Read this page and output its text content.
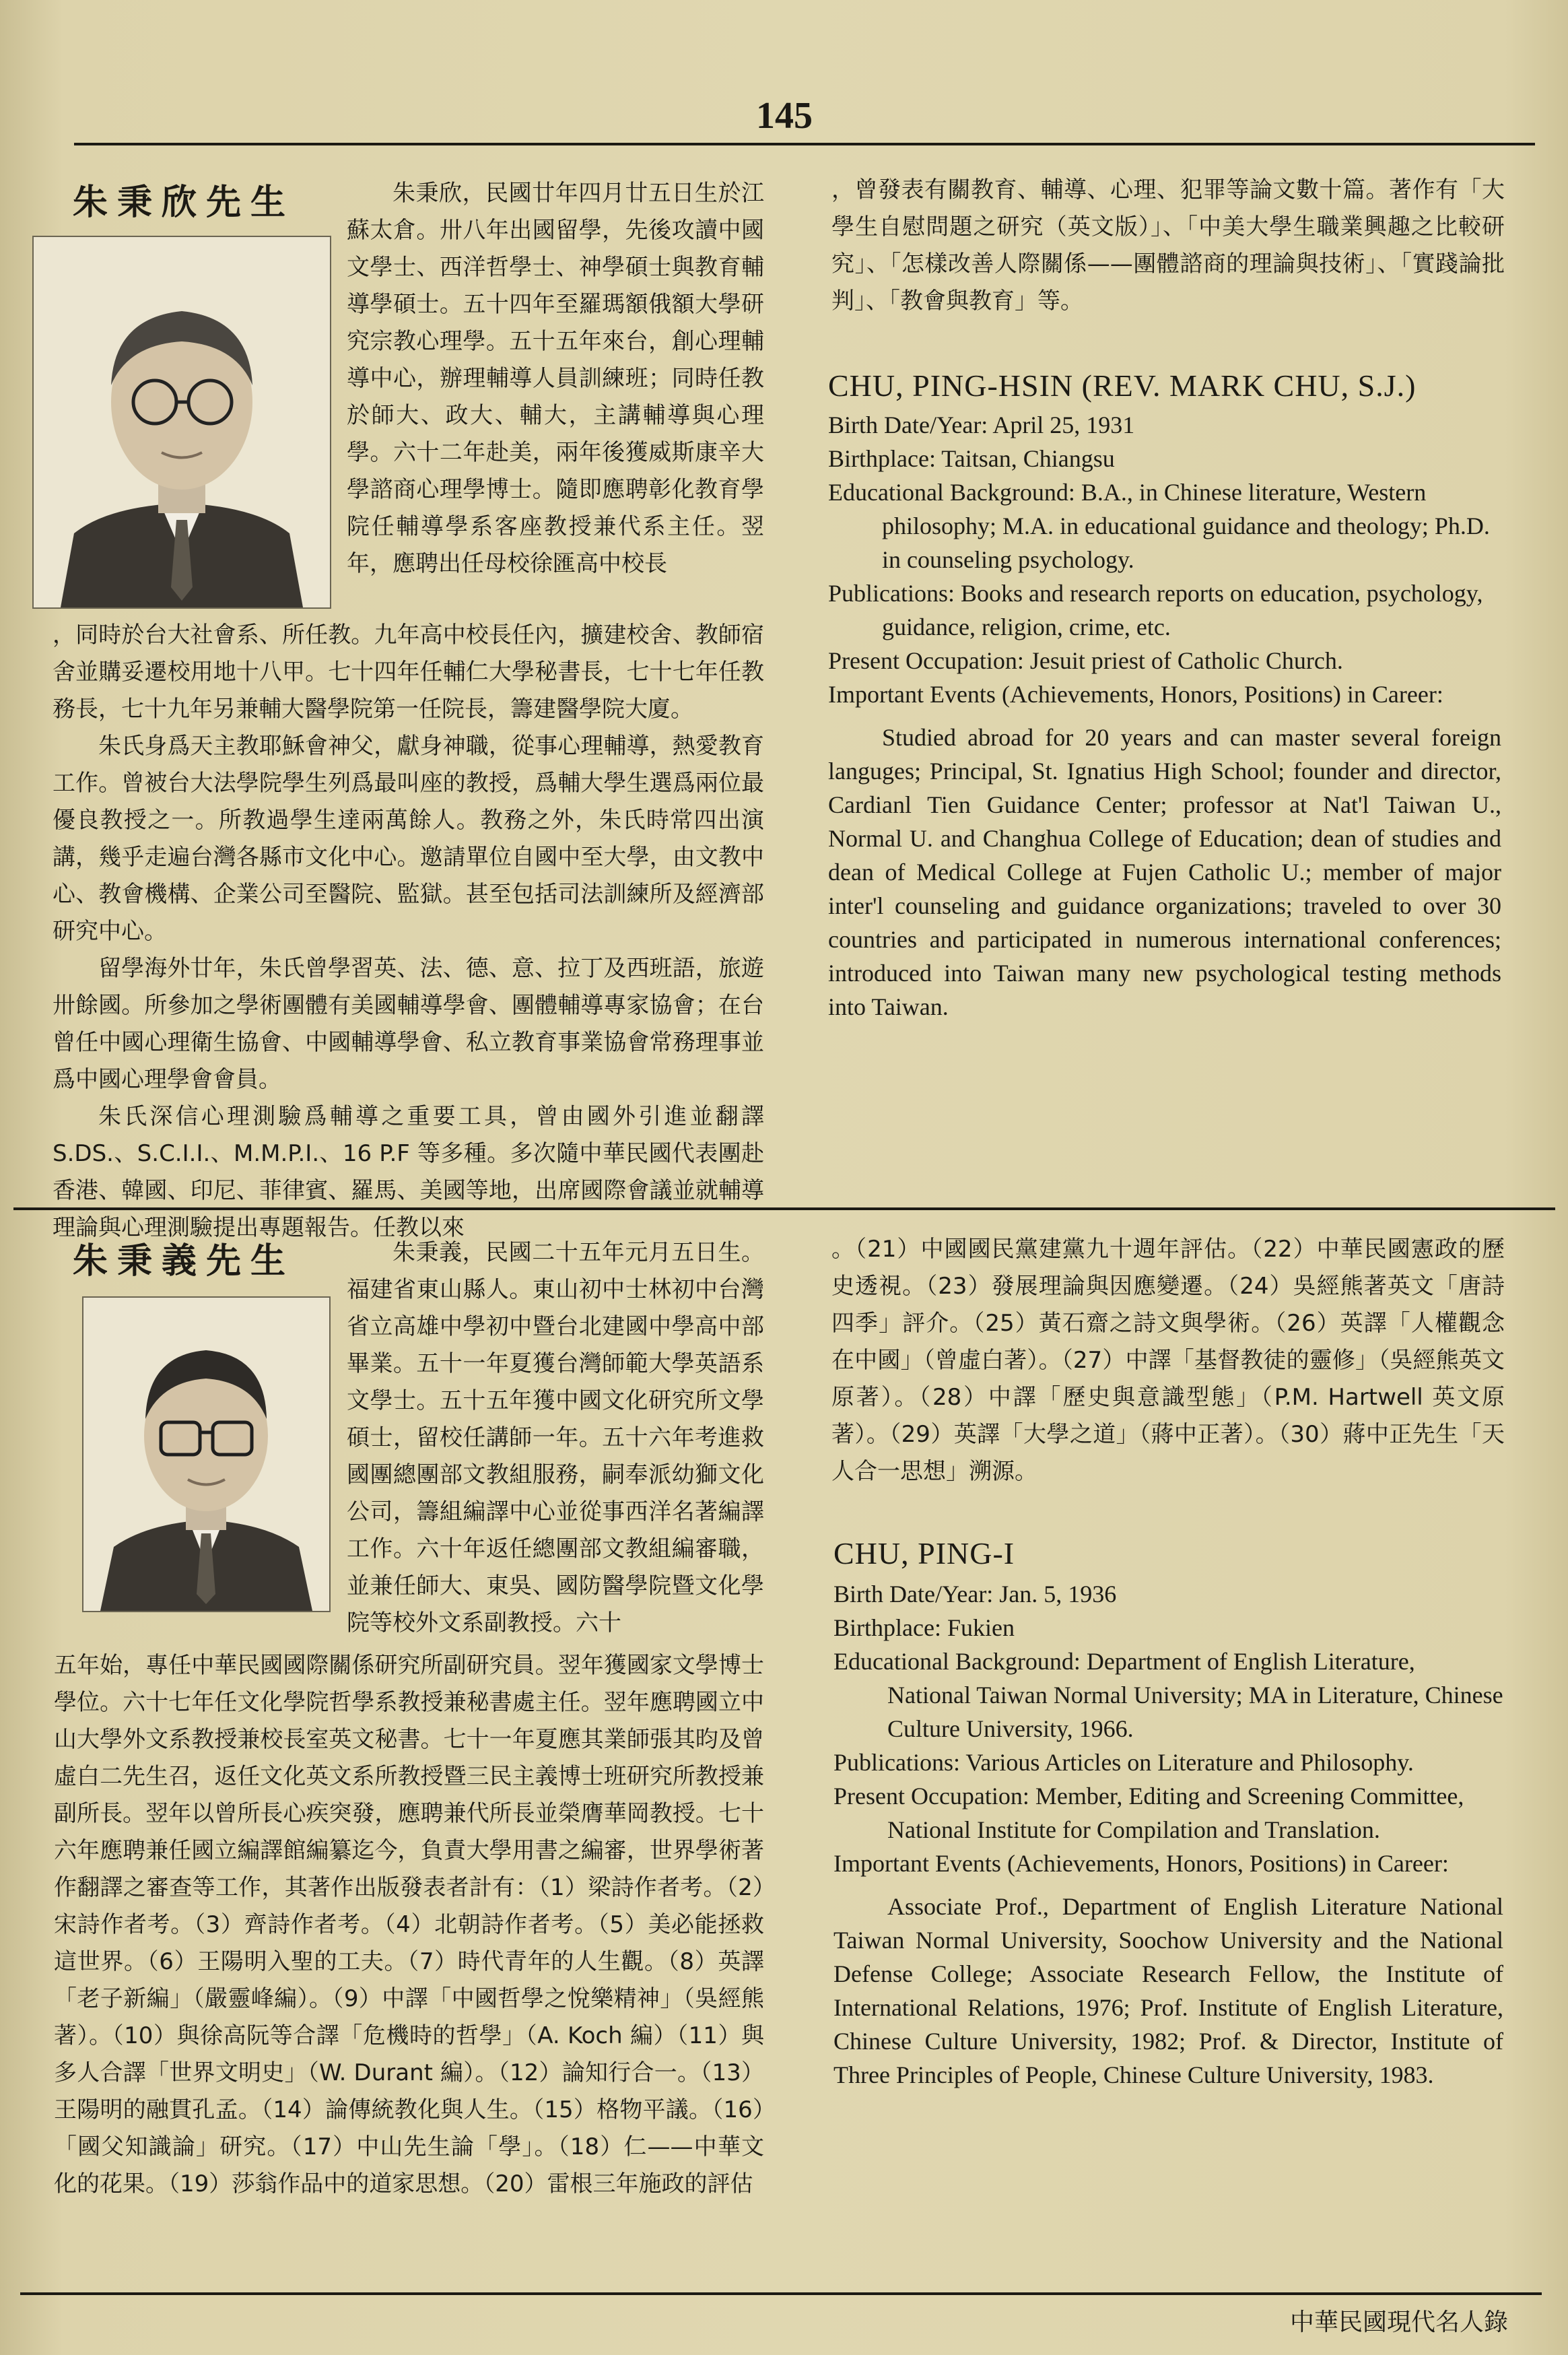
145
朱秉欣先生	朱秉欣，民國廿年四月廿五日生於江蘇太倉。卅八年出國留學，先後攻讀中國文學士、西洋哲學士、神學碩士與教育輔導學碩士。五十四年至羅瑪額俄額大學研究宗教心理學。五十五年來台，創心理輔導中心，辦理輔導人員訓練班；同時任教於師大、政大、輔大，主講輔導與心理學。六十二年赴美，兩年後獲威斯康辛大學諮商心理學博士。隨即應聘彰化教育學院任輔導學系客座教授兼代系主任。翌年，應聘出任母校徐匯高中校長

，同時於台大社會系、所任教。九年高中校長任內，擴建校舍、教師宿舍並購妥遷校用地十八甲。七十四年任輔仁大學秘書長，七十七年任教務長，七十九年另兼輔大醫學院第一任院長，籌建醫學院大廈。

朱氏身爲天主教耶穌會神父，獻身神職，從事心理輔導，熱愛教育工作。曾被台大法學院學生列爲最叫座的教授，爲輔大學生選爲兩位最優良教授之一。所教過學生達兩萬餘人。教務之外，朱氏時常四出演講，幾乎走遍台灣各縣市文化中心。邀請單位自國中至大學，由文教中心、教會機構、企業公司至醫院、監獄。甚至包括司法訓練所及經濟部研究中心。

留學海外廿年，朱氏曾學習英、法、德、意、拉丁及西班語，旅遊卅餘國。所參加之學術團體有美國輔導學會、團體輔導專家協會；在台曾任中國心理衛生協會、中國輔導學會、私立教育事業協會常務理事並爲中國心理學會會員。

朱氏深信心理測驗爲輔導之重要工具，曾由國外引進並翻譯 S.DS.、S.C.I.I.、M.M.P.I.、16 P.F 等多種。多次隨中華民國代表團赴香港、韓國、印尼、菲律賓、羅馬、美國等地，出席國際會議並就輔導理論與心理測驗提出專題報告。任教以來

，曾發表有關教育、輔導、心理、犯罪等論文數十篇。著作有「大學生自慰問題之研究（英文版）」、「中美大學生職業興趣之比較研究」、「怎樣改善人際關係——團體諮商的理論與技術」、「實踐論批判」、「教會與教育」等。

CHU, PING-HSIN (REV. MARK CHU, S.J.)

Birth Date/Year: April 25, 1931

Birthplace: Taitsan, Chiangsu

Educational Background: B.A., in Chinese literature, Western philosophy; M.A. in educational guidance and theology; Ph.D. in counseling psychology.

Publications: Books and research reports on education, psychology, guidance, religion, crime, etc.

Present Occupation: Jesuit priest of Catholic Church.

Important Events (Achievements, Honors, Positions) in Career:

Studied abroad for 20 years and can master several foreign languges; Principal, St. Ignatius High School; founder and director, Cardianl Tien Guidance Center; professor at Nat'l Taiwan U., Normal U. and Changhua College of Education; dean of studies and dean of Medical College at Fujen Catholic U.; member of major inter'l counseling and guidance organizations; traveled to over 30 countries and participated in numerous international conferences; introduced into Taiwan many new psychological testing methods into Taiwan.

朱秉義先生	朱秉義，民國二十五年元月五日生。福建省東山縣人。東山初中士林初中台灣省立高雄中學初中暨台北建國中學高中部畢業。五十一年夏獲台灣師範大學英語系文學士。五十五年獲中國文化研究所文學碩士，留校任講師一年。五十六年考進救國團總團部文教組服務，嗣奉派幼獅文化公司，籌組編譯中心並從事西洋名著編譯工作。六十年返任總團部文教組編審職，並兼任師大、東吳、國防醫學院暨文化學院等校外文系副教授。六十

五年始，專任中華民國國際關係研究所副研究員。翌年獲國家文學博士學位。六十七年任文化學院哲學系教授兼秘書處主任。翌年應聘國立中山大學外文系教授兼校長室英文秘書。七十一年夏應其業師張其昀及曾虛白二先生召，返任文化英文系所教授暨三民主義博士班研究所教授兼副所長。翌年以曾所長心疾突發，應聘兼代所長並榮膺華岡教授。七十六年應聘兼任國立編譯館編纂迄今，負責大學用書之編審，世界學術著作翻譯之審查等工作，其著作出版發表者計有：（1）梁詩作者考。（2）宋詩作者考。（3）齊詩作者考。（4）北朝詩作者考。（5）美必能拯救這世界。（6）王陽明入聖的工夫。（7）時代青年的人生觀。（8）英譯「老子新編」（嚴靈峰編）。（9）中譯「中國哲學之悅樂精神」（吳經熊著）。（10）與徐高阮等合譯「危機時的哲學」（A. Koch 編）（11）與多人合譯「世界文明史」（W. Durant 編）。（12）論知行合一。（13）王陽明的融貫孔孟。（14）論傳統教化與人生。（15）格物平議。（16）「國父知識論」研究。（17）中山先生論「學」。（18）仁——中華文化的花果。（19）莎翁作品中的道家思想。（20）雷根三年施政的評估

。（21）中國國民黨建黨九十週年評估。（22）中華民國憲政的歷史透視。（23）發展理論與因應變遷。（24）吳經熊著英文「唐詩四季」評介。（25）黃石齋之詩文與學術。（26）英譯「人權觀念在中國」（曾虛白著）。（27）中譯「基督教徒的靈修」（吳經熊英文原著）。（28）中譯「歷史與意識型態」（P.M. Hartwell 英文原著）。（29）英譯「大學之道」（蔣中正著）。（30）蔣中正先生「天人合一思想」溯源。

CHU, PING-I

Birth Date/Year: Jan. 5, 1936

Birthplace: Fukien

Educational Background: Department of English Literature, National Taiwan Normal University; MA in Literature, Chinese Culture University, 1966.

Publications: Various Articles on Literature and Philosophy.

Present Occupation: Member, Editing and Screening Committee, National Institute for Compilation and Translation.

Important Events (Achievements, Honors, Positions) in Career:

Associate Prof., Department of English Literature National Taiwan Normal University, Soochow University and the National Defense College; Associate Research Fellow, the Institute of International Relations, 1976; Prof. Institute of English Literature, Chinese Culture University, 1982; Prof. & Director, Institute of Three Principles of People, Chinese Culture University, 1983.

中華民國現代名人錄
